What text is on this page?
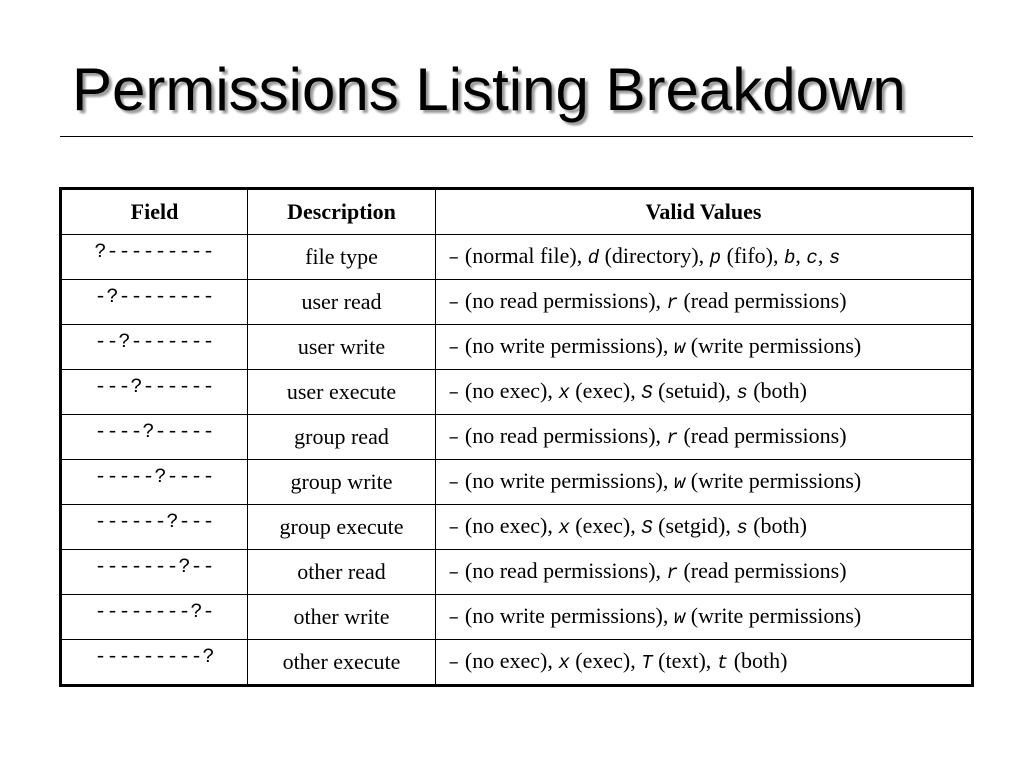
Permissions Listing Breakdown
Field	Description	Valid Values
?---------	file type	– (normal file), d (directory), p (fifo), b, c, s
-?--------	user read	– (no read permissions), r (read permissions)
--?-------	user write	– (no write permissions), w (write permissions)
---?------	user execute	– (no exec), x (exec), S (setuid), s (both)
----?-----	group read	– (no read permissions), r (read permissions)
-----?----	group write	– (no write permissions), w (write permissions)
------?---	group execute	– (no exec), x (exec), S (setgid), s (both)
-------?--	other read	– (no read permissions), r (read permissions)
--------?-	other write	– (no write permissions), w (write permissions)
---------?	other execute	– (no exec), x (exec), T (text), t (both)
